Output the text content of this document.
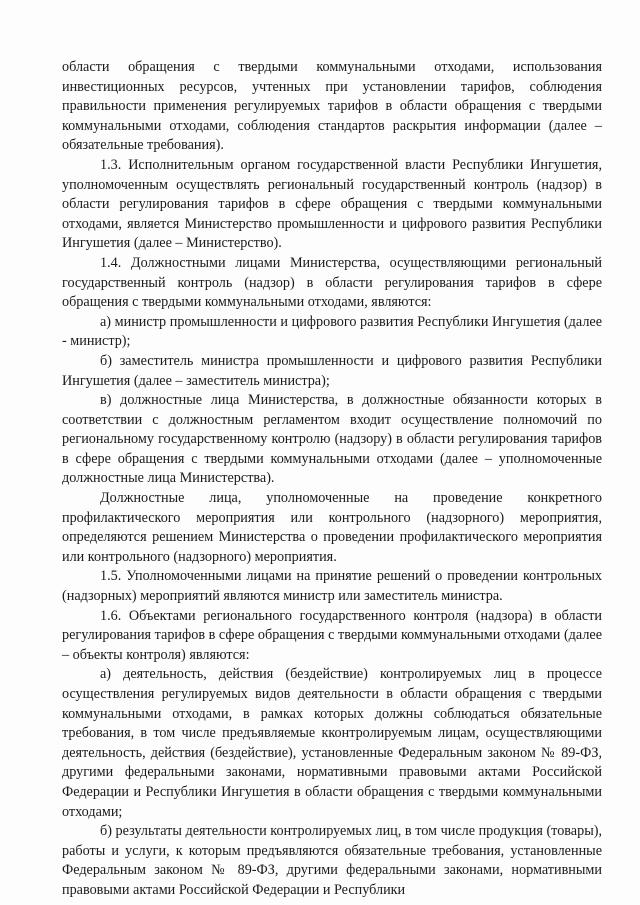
области обращения с твердыми коммунальными отходами, использования инвестиционных ресурсов, учтенных при установлении тарифов, соблюдения правильности применения регулируемых тарифов в области обращения с твердыми коммунальными отходами, соблюдения стандартов раскрытия информации (далее – обязательные требования).

1.3. Исполнительным органом государственной власти Республики Ингушетия, уполномоченным осуществлять региональный государственный контроль (надзор) в области регулирования тарифов в сфере обращения с твердыми коммунальными отходами, является Министерство промышленности и цифрового развития Республики Ингушетия (далее – Министерство).

1.4. Должностными лицами Министерства, осуществляющими региональный государственный контроль (надзор) в области регулирования тарифов в сфере обращения с твердыми коммунальными отходами, являются:

а) министр промышленности и цифрового развития Республики Ингушетия (далее - министр);

б) заместитель министра промышленности и цифрового развития Республики Ингушетия (далее – заместитель министра);

в) должностные лица Министерства, в должностные обязанности которых в соответствии с должностным регламентом входит осуществление полномочий по региональному государственному контролю (надзору) в области регулирования тарифов в сфере обращения с твердыми коммунальными отходами (далее – уполномоченные должностные лица Министерства).

Должностные лица, уполномоченные на проведение конкретного профилактического мероприятия или контрольного (надзорного) мероприятия, определяются решением Министерства о проведении профилактического мероприятия или контрольного (надзорного) мероприятия.

1.5. Уполномоченными лицами на принятие решений о проведении контрольных (надзорных) мероприятий являются министр или заместитель министра.

1.6. Объектами регионального государственного контроля (надзора) в области регулирования тарифов в сфере обращения с твердыми коммунальными отходами (далее – объекты контроля) являются:

а) деятельность, действия (бездействие) контролируемых лиц в процессе осуществления регулируемых видов деятельности в области обращения с твердыми коммунальными отходами, в рамках которых должны соблюдаться обязательные требования, в том числе предъявляемые кконтролируемым лицам, осуществляющими деятельность, действия (бездействие), установленные Федеральным законом № 89-ФЗ, другими федеральными законами, нормативными правовыми актами Российской Федерации и Республики Ингушетия в области обращения с твердыми коммунальными отходами;

б) результаты деятельности контролируемых лиц, в том числе продукция (товары), работы и услуги, к которым предъявляются обязательные требования, установленные Федеральным законом № 89-ФЗ, другими федеральными законами, нормативными правовыми актами Российской Федерации и Республики
